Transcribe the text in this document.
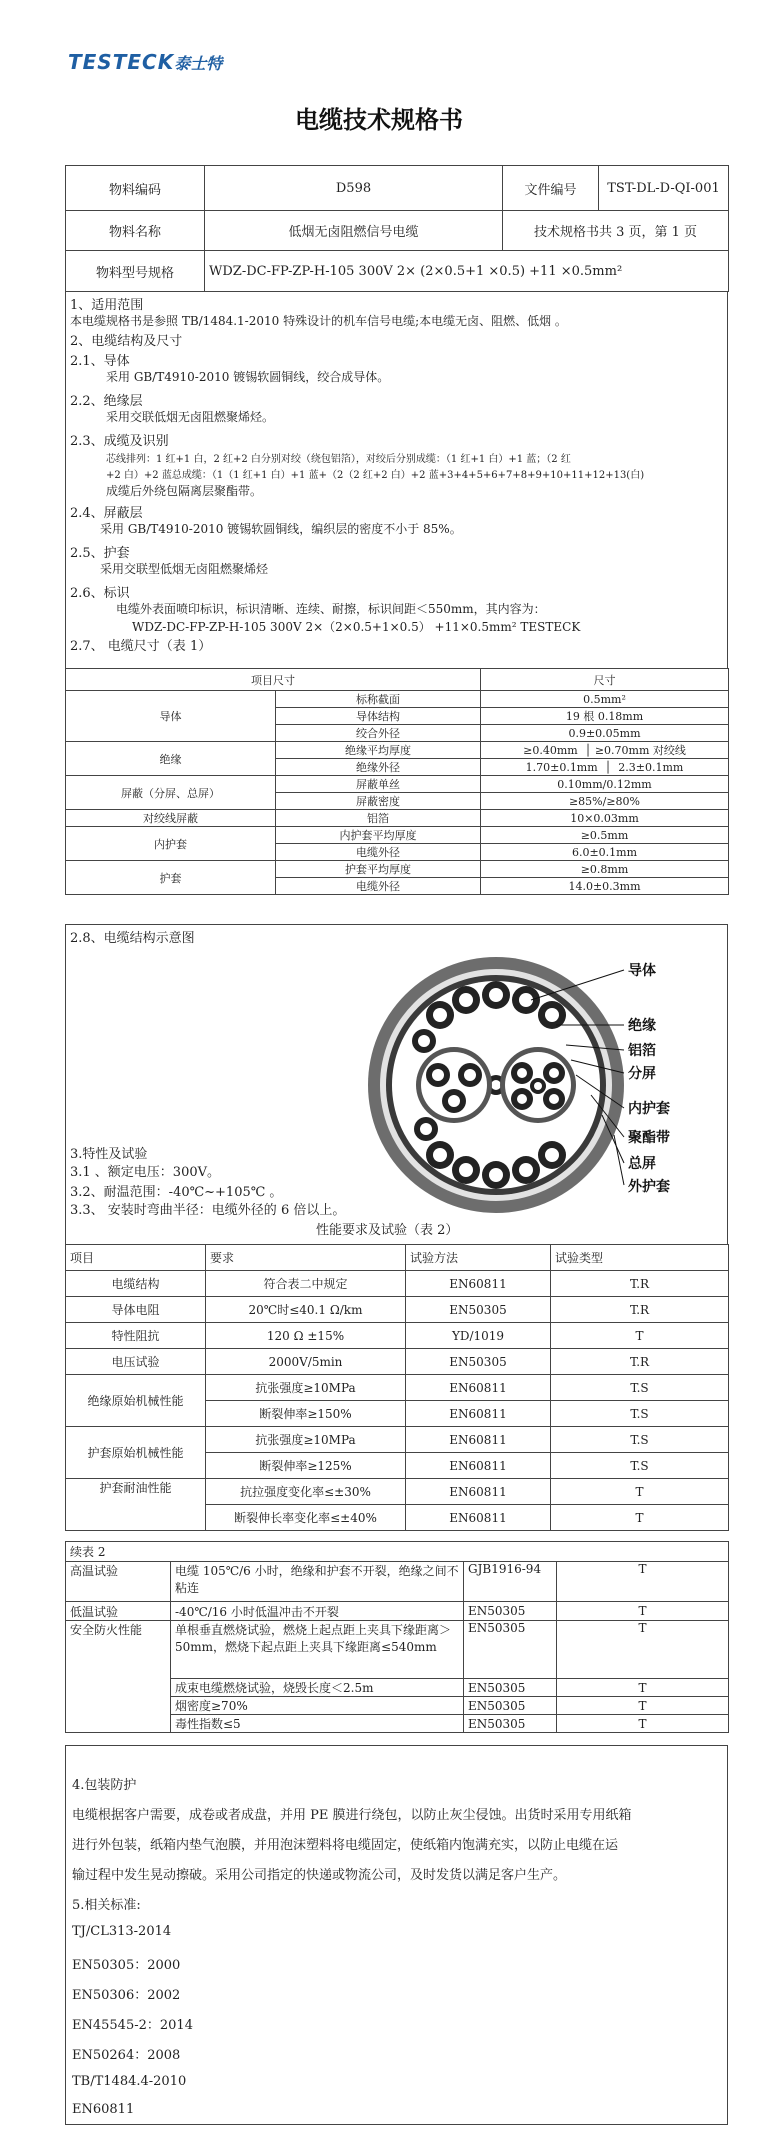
TESTECK泰士特
电缆技术规格书
物料编码	D598	文件编号	TST-DL-D-QI-001
物料名称	低烟无卤阻燃信号电缆	技术规格书共 3 页，第 1 页	
物料型号规格	WDZ-DC-FP-ZP-H-105 300V 2× (2×0.5+1 ×0.5) +11 ×0.5mm²		
1、适用范围
本电缆规格书是参照 TB/1484.1-2010 特殊设计的机车信号电缆;本电缆无卤、阻燃、低烟 。
2、电缆结构及尺寸
2.1、导体
采用 GB/T4910-2010 镀锡软圆铜线，绞合成导体。
2.2、绝缘层
采用交联低烟无卤阻燃聚烯烃。
2.3、成缆及识别
芯线排列：1 红+1 白，2 红+2 白分别对绞（绕包铝箔），对绞后分别成缆：（1 红+1 白）+1 蓝；（2 红
+2 白）+2 蓝总成缆：（1（1 红+1 白）+1 蓝+（2（2 红+2 白）+2 蓝+3+4+5+6+7+8+9+10+11+12+13(白)
成缆后外绕包隔离层聚酯带。
2.4、屏蔽层
采用 GB/T4910-2010 镀锡软圆铜线，编织层的密度不小于 85%。
2.5、护套
采用交联型低烟无卤阻燃聚烯烃
2.6、标识
电缆外表面喷印标识，标识清晰、连续、耐擦，标识间距＜550mm，其内容为：
WDZ-DC-FP-ZP-H-105 300V 2×（2×0.5+1×0.5） +11×0.5mm² TESTECK
2.7、 电缆尺寸（表 1）
项目尺寸		尺寸
导体	标称截面	0.5mm²
	导体结构	19 根 0.18mm
	绞合外径	0.9±0.05mm
绝缘	绝缘平均厚度	≥0.40mm  │ ≥0.70mm 对绞线
	绝缘外径	1.70±0.1mm  │  2.3±0.1mm
屏蔽（分屏、总屏）	屏蔽单丝	0.10mm/0.12mm
	屏蔽密度	≥85%/≥80%
对绞线屏蔽	铝箔	10×0.03mm
内护套	内护套平均厚度	≥0.5mm
	电缆外径	6.0±0.1mm
护套	护套平均厚度	≥0.8mm
	电缆外径	14.0±0.3mm
2.8、电缆结构示意图
导体
绝缘
铝箔
分屏
内护套
聚酯带
总屏
外护套
3.特性及试验
3.1 、额定电压：300V。
3.2、耐温范围：-40℃~+105℃ 。
3.3、 安装时弯曲半径：电缆外径的 6 倍以上。
性能要求及试验（表 2）
项目	要求	试验方法	试验类型
电缆结构	符合表二中规定	EN60811	T.R
导体电阻	20℃时≤40.1 Ω/km	EN50305	T.R
特性阻抗	120 Ω ±15%	YD/1019	T
电压试验	2000V/5min	EN50305	T.R
绝缘原始机械性能	抗张强度≥10MPa	EN60811	T.S
	断裂伸率≥150%	EN60811	T.S
护套原始机械性能	抗张强度≥10MPa	EN60811	T.S
	断裂伸率≥125%	EN60811	T.S
护套耐油性能	抗拉强度变化率≤±30%	EN60811	T
	断裂伸长率变化率≤±40%	EN60811	T
续表 2			
高温试验	电缆 105℃/6 小时，绝缘和护套不开裂，绝缘之间不粘连	GJB1916-94	T
低温试验	-40℃/16 小时低温冲击不开裂	EN50305	T
安全防火性能	单根垂直燃烧试验，燃烧上起点距上夹具下缘距离＞50mm，燃烧下起点距上夹具下缘距离≤540mm	EN50305	T
	成束电缆燃烧试验，烧毁长度＜2.5m	EN50305	T
	烟密度≥70%	EN50305	T
	毒性指数≤5	EN50305	T
4.包装防护
电缆根据客户需要，成卷或者成盘，并用 PE 膜进行绕包，以防止灰尘侵蚀。出货时采用专用纸箱
进行外包装，纸箱内垫气泡膜，并用泡沫塑料将电缆固定，使纸箱内饱满充实，以防止电缆在运
输过程中发生晃动擦破。采用公司指定的快递或物流公司，及时发货以满足客户生产。
5.相关标准:
TJ/CL313-2014
EN50305：2000
EN50306：2002
EN45545-2：2014
EN50264：2008
TB/T1484.4-2010
EN60811
